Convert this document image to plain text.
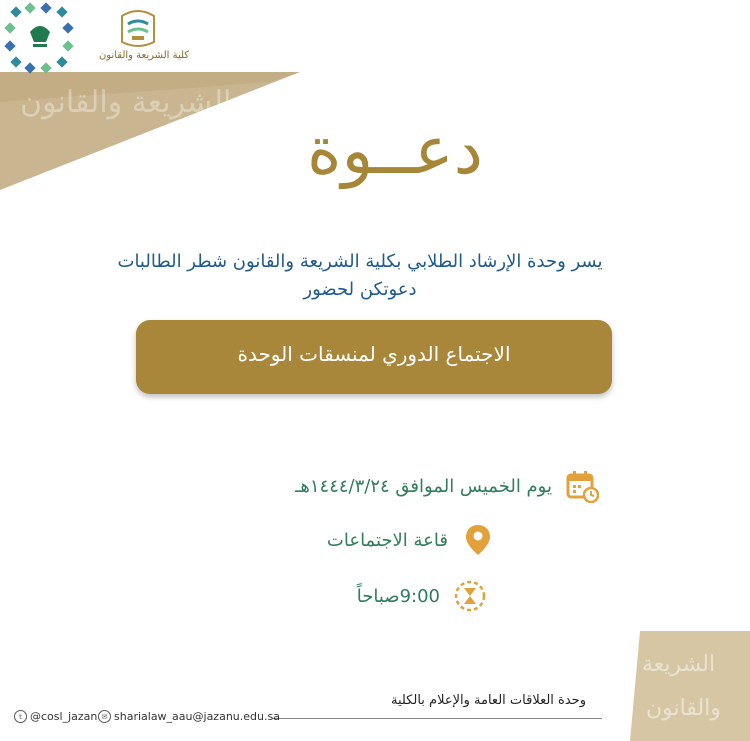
الشريعة والقانون
الشريعة
والقانون
كلية الشريعة والقانون
دعــوة
يسر وحدة الإرشاد الطلابي بكلية الشريعة والقانون شطر الطالبات
دعوتكن لحضور
الاجتماع الدوري لمنسقات الوحدة
يوم الخميس الموافق ١٤٤٤/٣/٢٤هـ
قاعة الاجتماعات
9:00صباحاً
وحدة العلاقات العامة والإعلام بالكلية
t @cosl_jazan ✉ sharialaw_aau@jazanu.edu.sa
